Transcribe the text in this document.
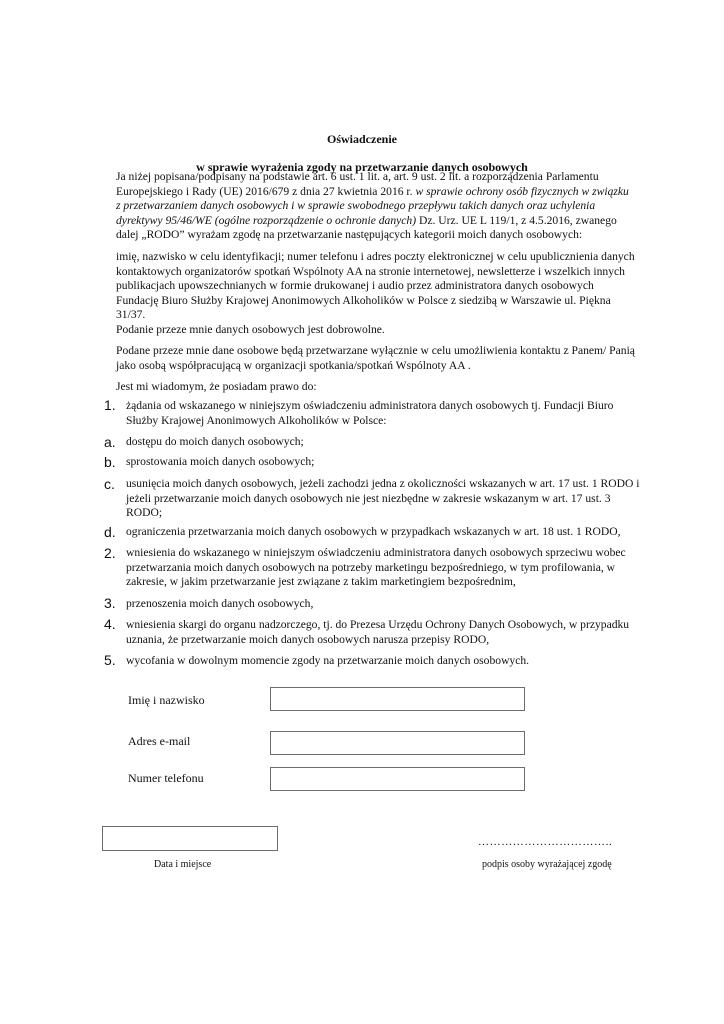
Oświadczenie
w sprawie wyrażenia zgody na przetwarzanie danych osobowych
Ja niżej popisana/podpisany na podstawie art. 6 ust. 1 lit. a, art. 9 ust. 2 lit. a rozporządzenia Parlamentu Europejskiego i Rady (UE) 2016/679 z dnia 27 kwietnia 2016 r. w sprawie ochrony osób fizycznych w związku z przetwarzaniem danych osobowych i w sprawie swobodnego przepływu takich danych oraz uchylenia dyrektywy 95/46/WE (ogólne rozporządzenie o ochronie danych) Dz. Urz. UE L 119/1, z 4.5.2016, zwanego dalej „RODO” wyrażam zgodę na przetwarzanie następujących kategorii moich danych osobowych:
imię, nazwisko w celu identyfikacji; numer telefonu i adres poczty elektronicznej w celu upublicznienia danych kontaktowych organizatorów spotkań Wspólnoty AA na stronie internetowej, newsletterze i wszelkich innych publikacjach upowszechnianych w formie drukowanej i audio przez administratora danych osobowych Fundację Biuro Służby Krajowej Anonimowych Alkoholików w Polsce z siedzibą w Warszawie ul. Piękna 31/37.
Podanie przeze mnie danych osobowych jest dobrowolne.
Podane przeze mnie dane osobowe będą przetwarzane wyłącznie w celu umożliwienia kontaktu z Panem/ Panią jako osobą współpracującą w organizacji spotkania/spotkań Wspólnoty AA .
Jest mi wiadomym, że posiadam prawo do:
1. żądania od wskazanego w niniejszym oświadczeniu administratora danych osobowych tj. Fundacji Biuro Służby Krajowej Anonimowych Alkoholików w Polsce:
a. dostępu do moich danych osobowych;
b. sprostowania moich danych osobowych;
c. usunięcia moich danych osobowych, jeżeli zachodzi jedna z okoliczności wskazanych w art. 17 ust. 1 RODO i jeżeli przetwarzanie moich danych osobowych nie jest niezbędne w zakresie wskazanym w art. 17 ust. 3 RODO;
d. ograniczenia przetwarzania moich danych osobowych w przypadkach wskazanych w art. 18 ust. 1 RODO,
2. wniesienia do wskazanego w niniejszym oświadczeniu administratora danych osobowych sprzeciwu wobec przetwarzania moich danych osobowych na potrzeby marketingu bezpośredniego, w tym profilowania, w zakresie, w jakim przetwarzanie jest związane z takim marketingiem bezpośrednim,
3. przenoszenia moich danych osobowych,
4. wniesienia skargi do organu nadzorczego, tj. do Prezesa Urzędu Ochrony Danych Osobowych, w przypadku uznania, że przetwarzanie moich danych osobowych narusza przepisy RODO,
5. wycofania w dowolnym momencie zgody na przetwarzanie moich danych osobowych.
Imię i nazwisko
Adres e-mail
Numer telefonu
Data i miejsce
……………………………..
podpis osoby wyrażającej zgodę
